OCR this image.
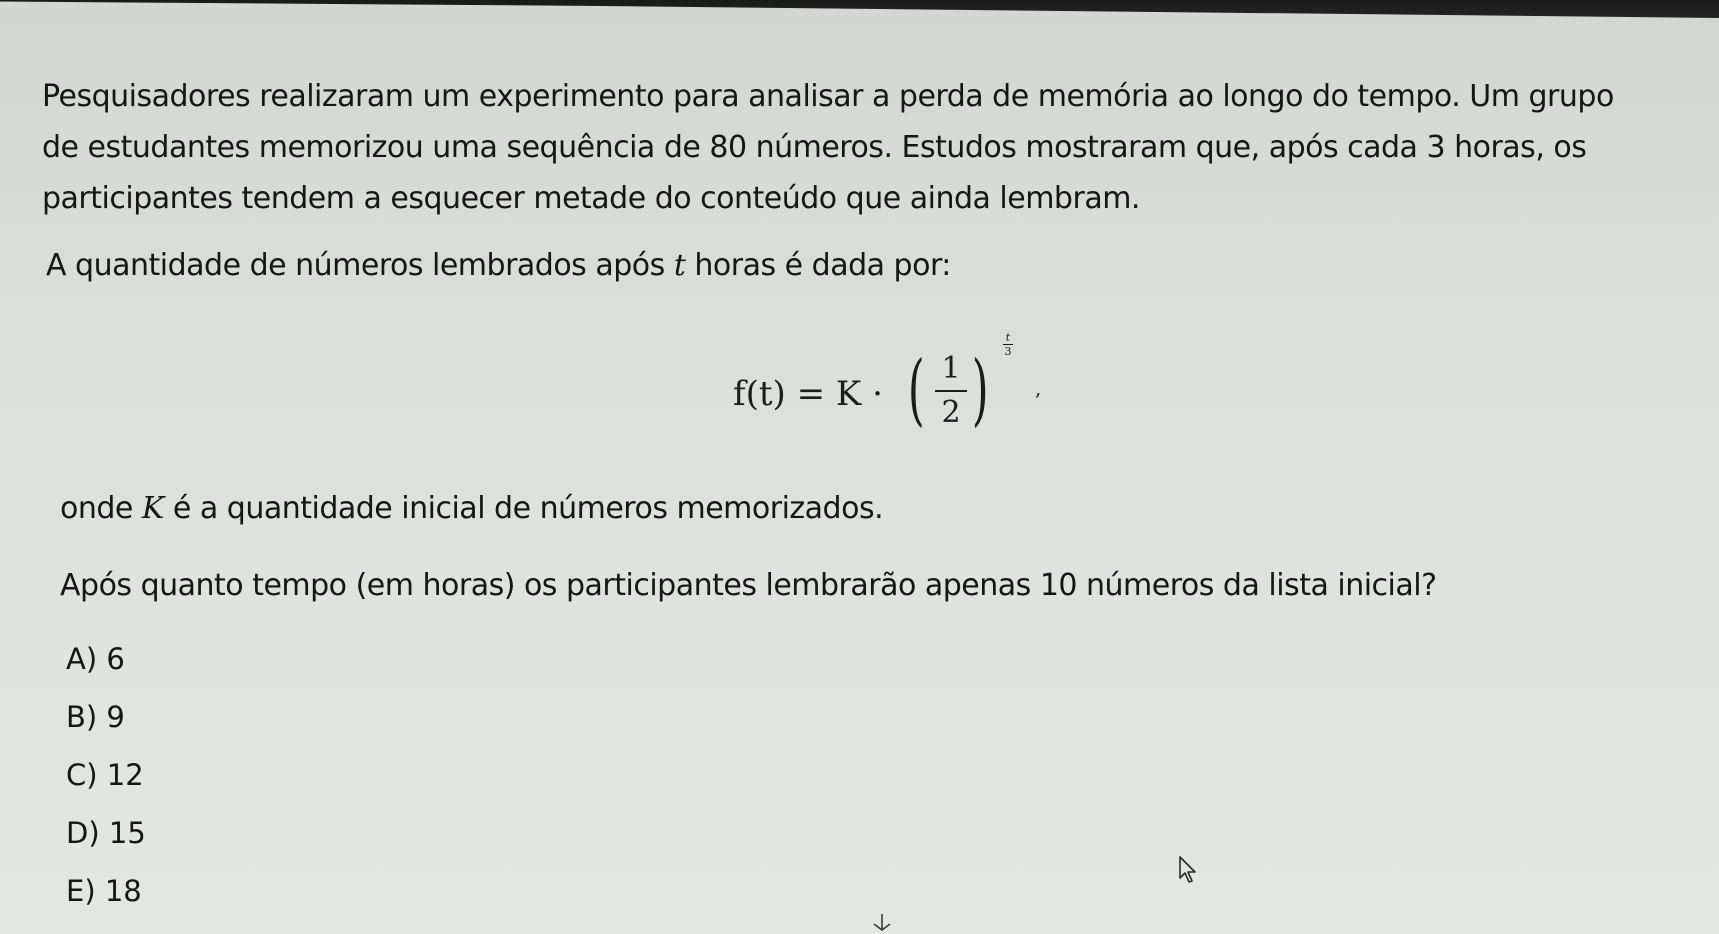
Pesquisadores realizaram um experimento para analisar a perda de memória ao longo do tempo. Um grupo
de estudantes memorizou uma sequência de 80 números. Estudos mostraram que, após cada 3 horas, os
participantes tendem a esquecer metade do conteúdo que ainda lembram.

A quantidade de números lembrados após t horas é dada por:

f(t) = K · ( 1
2 )
t
3
,

onde K é a quantidade inicial de números memorizados.

Após quanto tempo (em horas) os participantes lembrarão apenas 10 números da lista inicial?

A) 6
B) 9
C) 12
D) 15
E) 18
